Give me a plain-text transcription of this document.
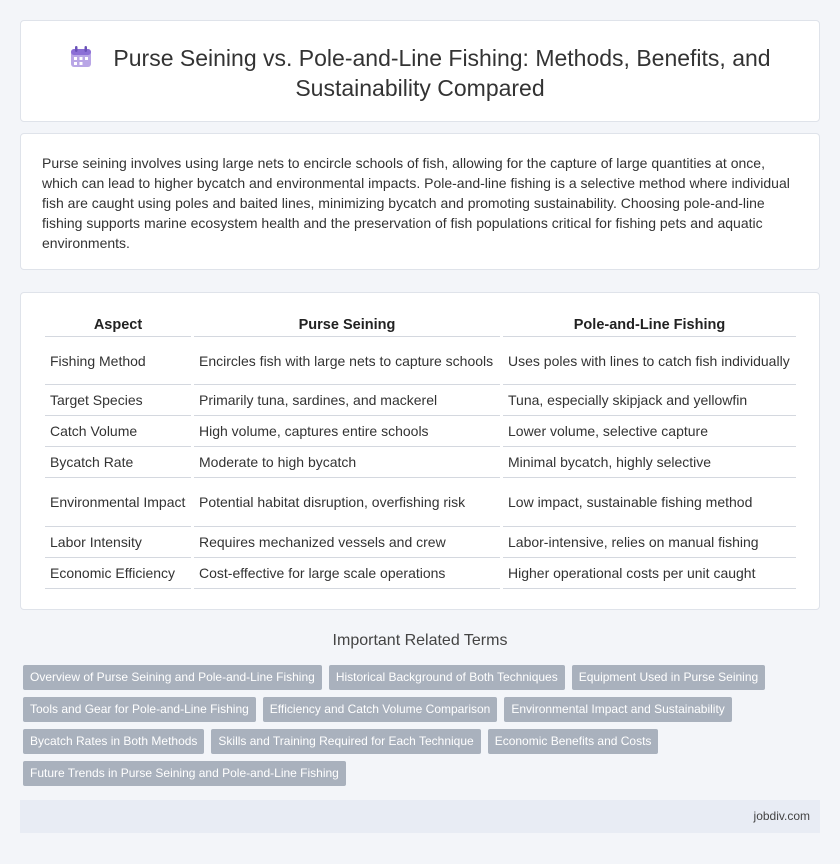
Purse Seining vs. Pole-and-Line Fishing: Methods, Benefits, and Sustainability Compared

Purse seining involves using large nets to encircle schools of fish, allowing for the capture of large quantities at once, which can lead to higher bycatch and environmental impacts. Pole-and-line fishing is a selective method where individual fish are caught using poles and baited lines, minimizing bycatch and promoting sustainability. Choosing pole-and-line fishing supports marine ecosystem health and the preservation of fish populations critical for fishing pets and aquatic environments.

Aspect	Purse Seining	Pole-and-Line Fishing
Fishing Method	Encircles fish with large nets to capture schools	Uses poles with lines to catch fish individually
Target Species	Primarily tuna, sardines, and mackerel	Tuna, especially skipjack and yellowfin
Catch Volume	High volume, captures entire schools	Lower volume, selective capture
Bycatch Rate	Moderate to high bycatch	Minimal bycatch, highly selective
Environmental Impact	Potential habitat disruption, overfishing risk	Low impact, sustainable fishing method
Labor Intensity	Requires mechanized vessels and crew	Labor-intensive, relies on manual fishing
Economic Efficiency	Cost-effective for large scale operations	Higher operational costs per unit caught
Important Related Terms
Overview of Purse Seining and Pole-and-Line Fishing	Historical Background of Both Techniques	Equipment Used in Purse Seining
Tools and Gear for Pole-and-Line Fishing	Efficiency and Catch Volume Comparison	Environmental Impact and Sustainability
Bycatch Rates in Both Methods	Skills and Training Required for Each Technique	Economic Benefits and Costs
Future Trends in Purse Seining and Pole-and-Line Fishing
jobdiv.com
